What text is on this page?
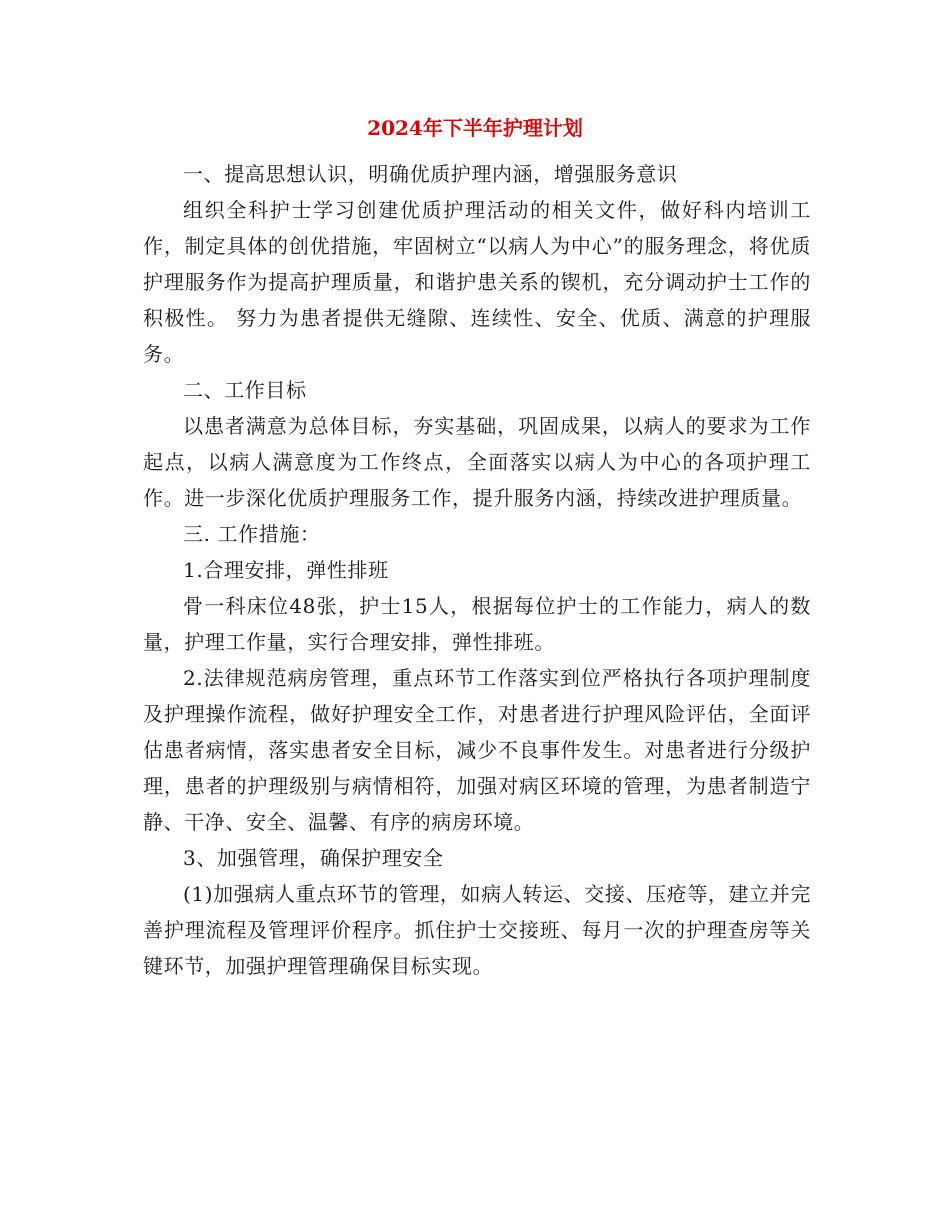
2024年下半年护理计划

一、提高思想认识，明确优质护理内涵，增强服务意识

组织全科护士学习创建优质护理活动的相关文件，做好科内培训工作，制定具体的创优措施，牢固树立“以病人为中心”的服务理念，将优质护理服务作为提高护理质量，和谐护患关系的锲机，充分调动护士工作的积极性。 努力为患者提供无缝隙、连续性、安全、优质、满意的护理服务。

二、工作目标

以患者满意为总体目标，夯实基础，巩固成果，以病人的要求为工作起点，以病人满意度为工作终点，全面落实以病人为中心的各项护理工作。进一步深化优质护理服务工作，提升服务内涵，持续改进护理质量。

三. 工作措施：

1.合理安排，弹性排班

骨一科床位48张，护士15人，根据每位护士的工作能力，病人的数量，护理工作量，实行合理安排，弹性排班。

2.法律规范病房管理，重点环节工作落实到位严格执行各项护理制度及护理操作流程，做好护理安全工作，对患者进行护理风险评估，全面评估患者病情，落实患者安全目标，减少不良事件发生。对患者进行分级护理，患者的护理级别与病情相符，加强对病区环境的管理，为患者制造宁静、干净、安全、温馨、有序的病房环境。

3、加强管理，确保护理安全

(1)加强病人重点环节的管理，如病人转运、交接、压疮等，建立并完善护理流程及管理评价程序。抓住护士交接班、每月一次的护理查房等关键环节，加强护理管理确保目标实现。
